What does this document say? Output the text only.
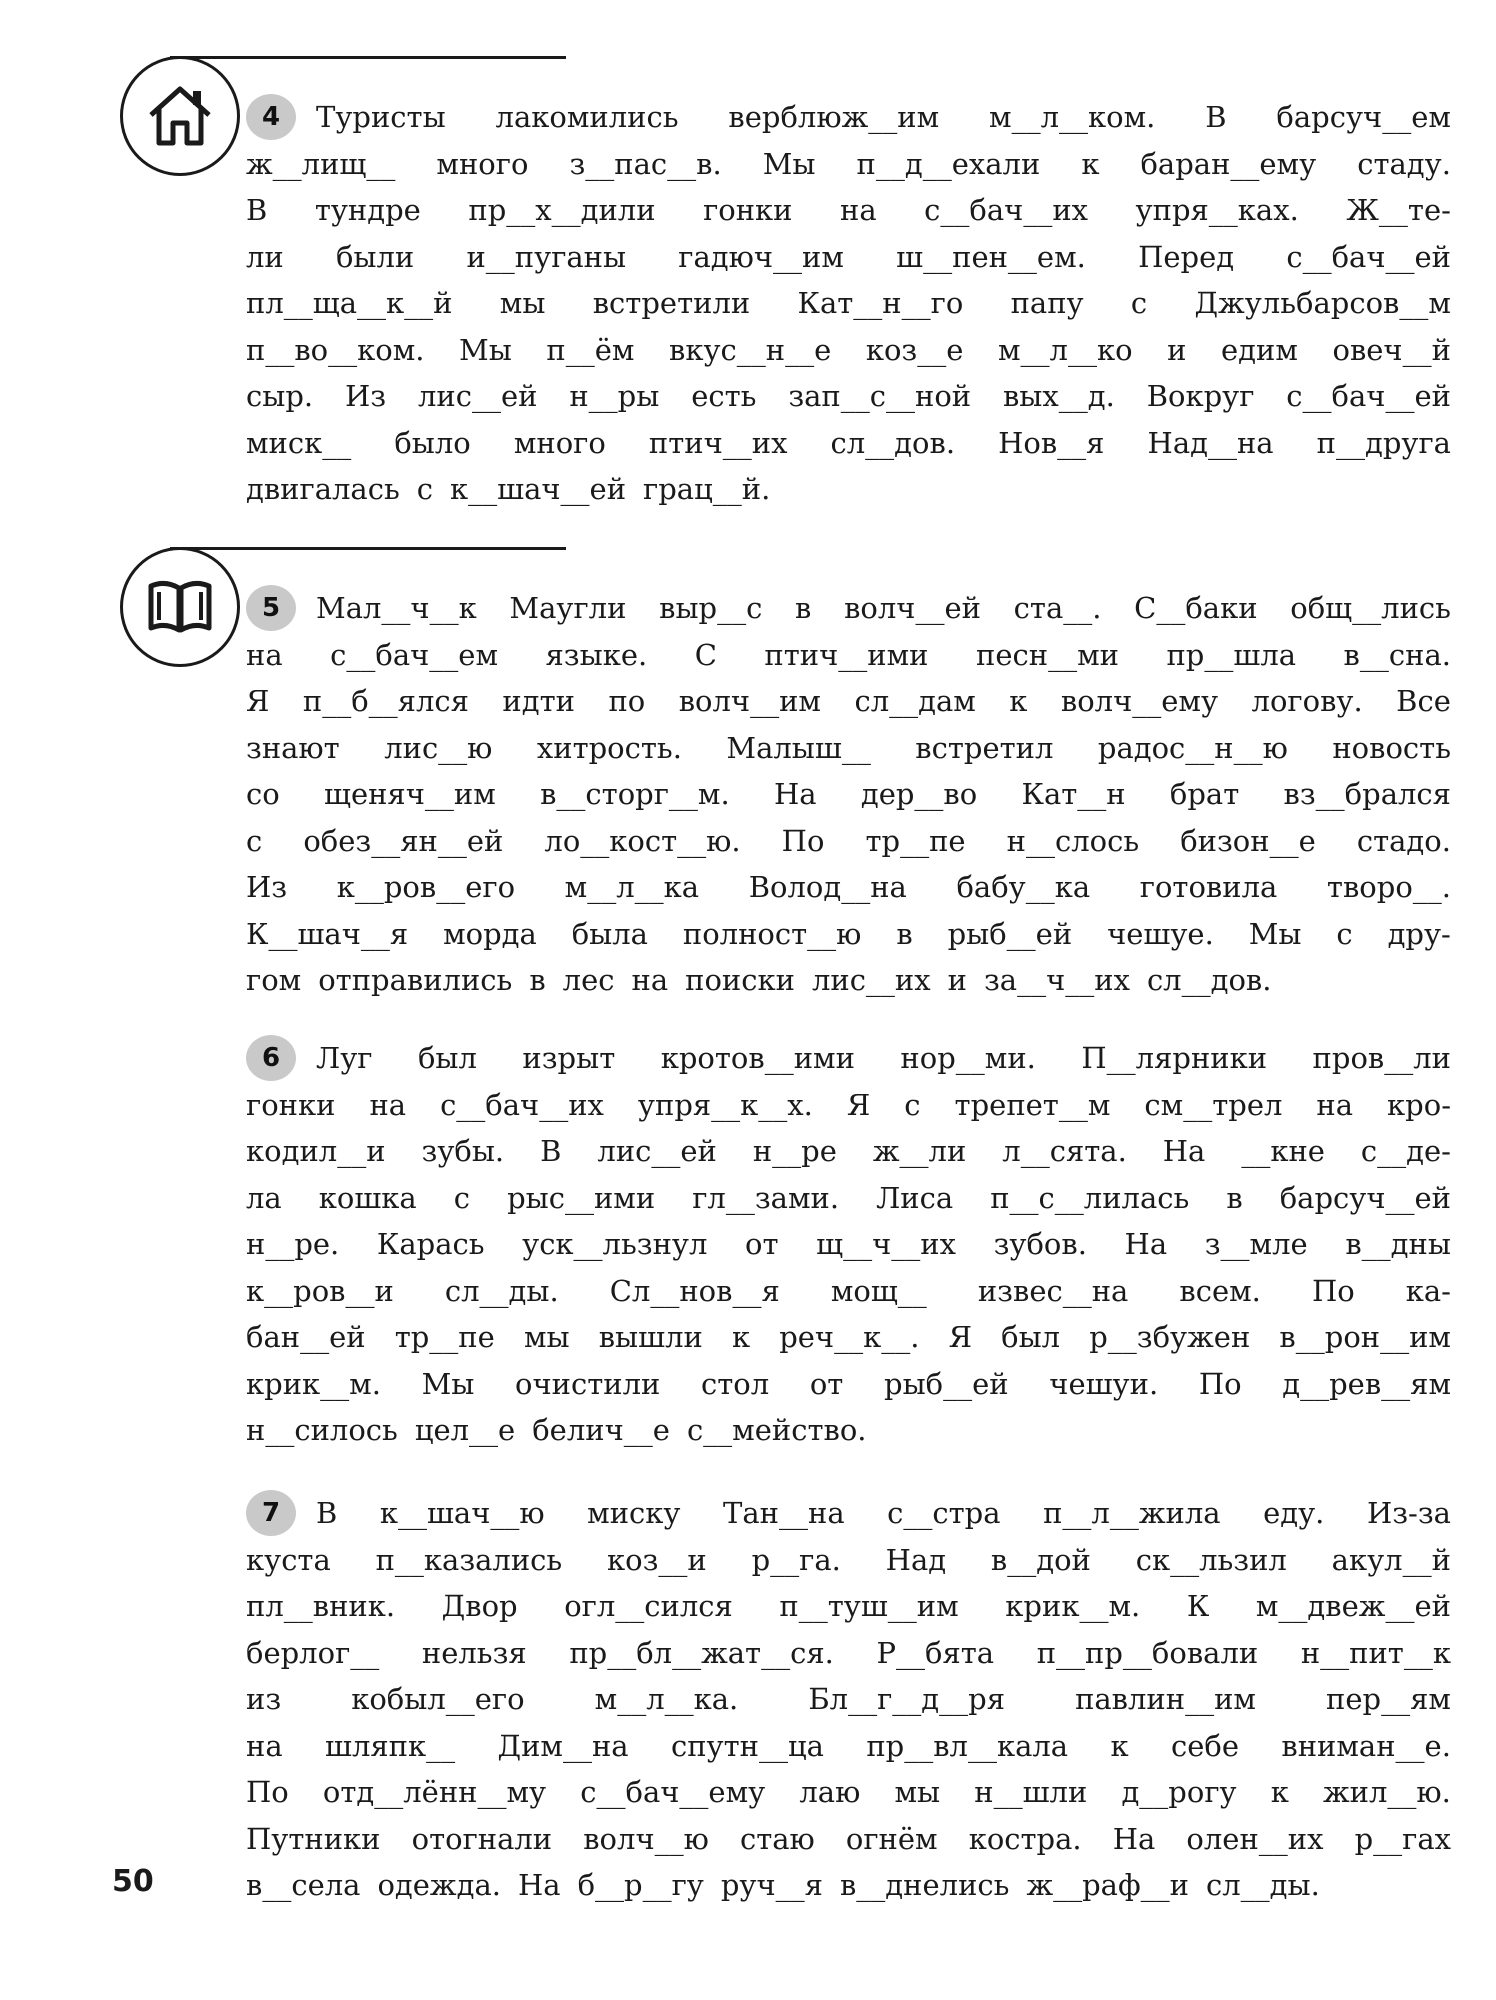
4	Туристы лакомились верблюж__им м__л__ком. В барсуч__ем
ж__лищ__ много з__пас__в. Мы п__д__ехали к баран__ему стаду.
В тундре пр__х__дили гонки на с__бач__их упря__ках. Ж__те-
ли были и__пуганы гадюч__им ш__пен__ем. Перед с__бач__ей
пл__ща__к__й мы встретили Кат__н__го папу с Джульбарсов__м
п__во__ком. Мы п__ём вкус__н__е коз__е м__л__ко и едим овеч__й
сыр. Из лис__ей н__ры есть зап__с__ной вых__д. Вокруг с__бач__ей
миск__ было много птич__их сл__дов. Нов__я Над__на п__друга
двигалась с к__шач__ей грац__й.
5	Мал__ч__к Маугли выр__с в волч__ей ста__. С__баки общ__лись
на с__бач__ем языке. С птич__ими песн__ми пр__шла в__сна.
Я п__б__ялся идти по волч__им сл__дам к волч__ему логову. Все
знают лис__ю хитрость. Малыш__ встретил радос__н__ю новость
со щеняч__им в__сторг__м. На дер__во Кат__н брат вз__брался
с обез__ян__ей ло__кост__ю. По тр__пе н__слось бизон__е стадо.
Из к__ров__его м__л__ка Волод__на бабу__ка готовила творо__.
К__шач__я морда была полност__ю в рыб__ей чешуе. Мы с дру-
гом отправились в лес на поиски лис__их и за__ч__их сл__дов.
6	Луг был изрыт кротов__ими нор__ми. П__лярники пров__ли
гонки на с__бач__их упря__к__х. Я с трепет__м см__трел на кро-
кодил__и зубы. В лис__ей н__ре ж__ли л__сята. На __кне с__де-
ла кошка с рыс__ими гл__зами. Лиса п__с__лилась в барсуч__ей
н__ре. Карась уск__льзнул от щ__ч__их зубов. На з__мле в__дны
к__ров__и сл__ды. Сл__нов__я мощ__ извес__на всем. По ка-
бан__ей тр__пе мы вышли к реч__к__. Я был р__збужен в__рон__им
крик__м. Мы очистили стол от рыб__ей чешуи. По д__рев__ям
н__силось цел__е белич__е с__мейство.
7	В к__шач__ю миску Тан__на с__стра п__л__жила еду. Из-за
куста п__казались коз__и р__га. Над в__дой ск__льзил акул__й
пл__вник. Двор огл__сился п__туш__им крик__м. К м__двеж__ей
берлог__ нельзя пр__бл__жат__ся. Р__бята п__пр__бовали н__пит__к
из кобыл__его м__л__ка. Бл__г__д__ря павлин__им пер__ям
на шляпк__ Дим__на спутн__ца пр__вл__кала к себе вниман__е.
По отд__лённ__му с__бач__ему лаю мы н__шли д__рогу к жил__ю.
Путники отогнали волч__ю стаю огнём костра. На олен__их р__гах
в__села одежда. На б__р__гу руч__я в__днелись ж__раф__и сл__ды.
50
